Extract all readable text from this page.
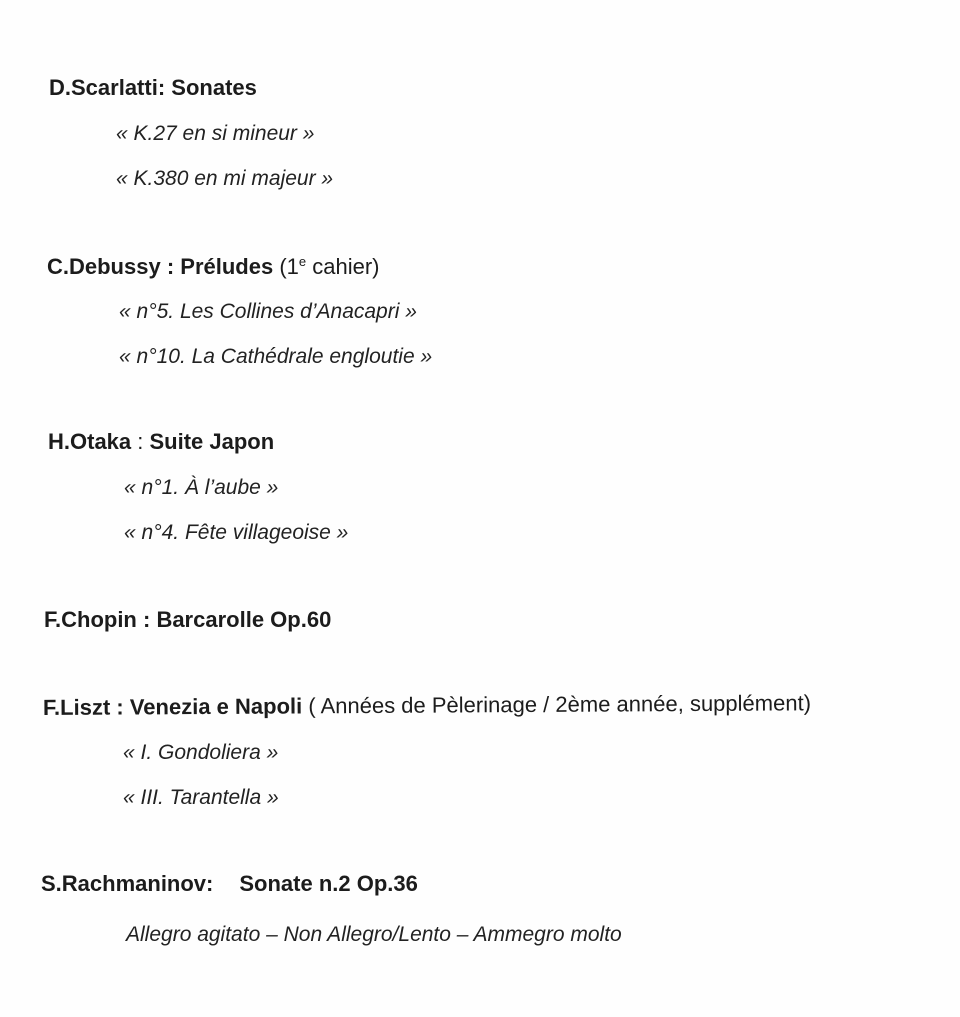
D.Scarlatti: Sonates
« K.27 en si mineur »
« K.380 en mi majeur »
C.Debussy : Préludes (1e cahier)
« n°5. Les Collines d’Anacapri »
« n°10. La Cathédrale engloutie »
H.Otaka : Suite Japon
« n°1. À l’aube »
« n°4. Fête villageoise »
F.Chopin : Barcarolle Op.60
F.Liszt : Venezia e Napoli ( Années de Pèlerinage / 2ème année, supplément)
« I. Gondoliera »
« III. Tarantella »
S.Rachmaninov: Sonate n.2 Op.36
Allegro agitato – Non Allegro/Lento – Ammegro molto
